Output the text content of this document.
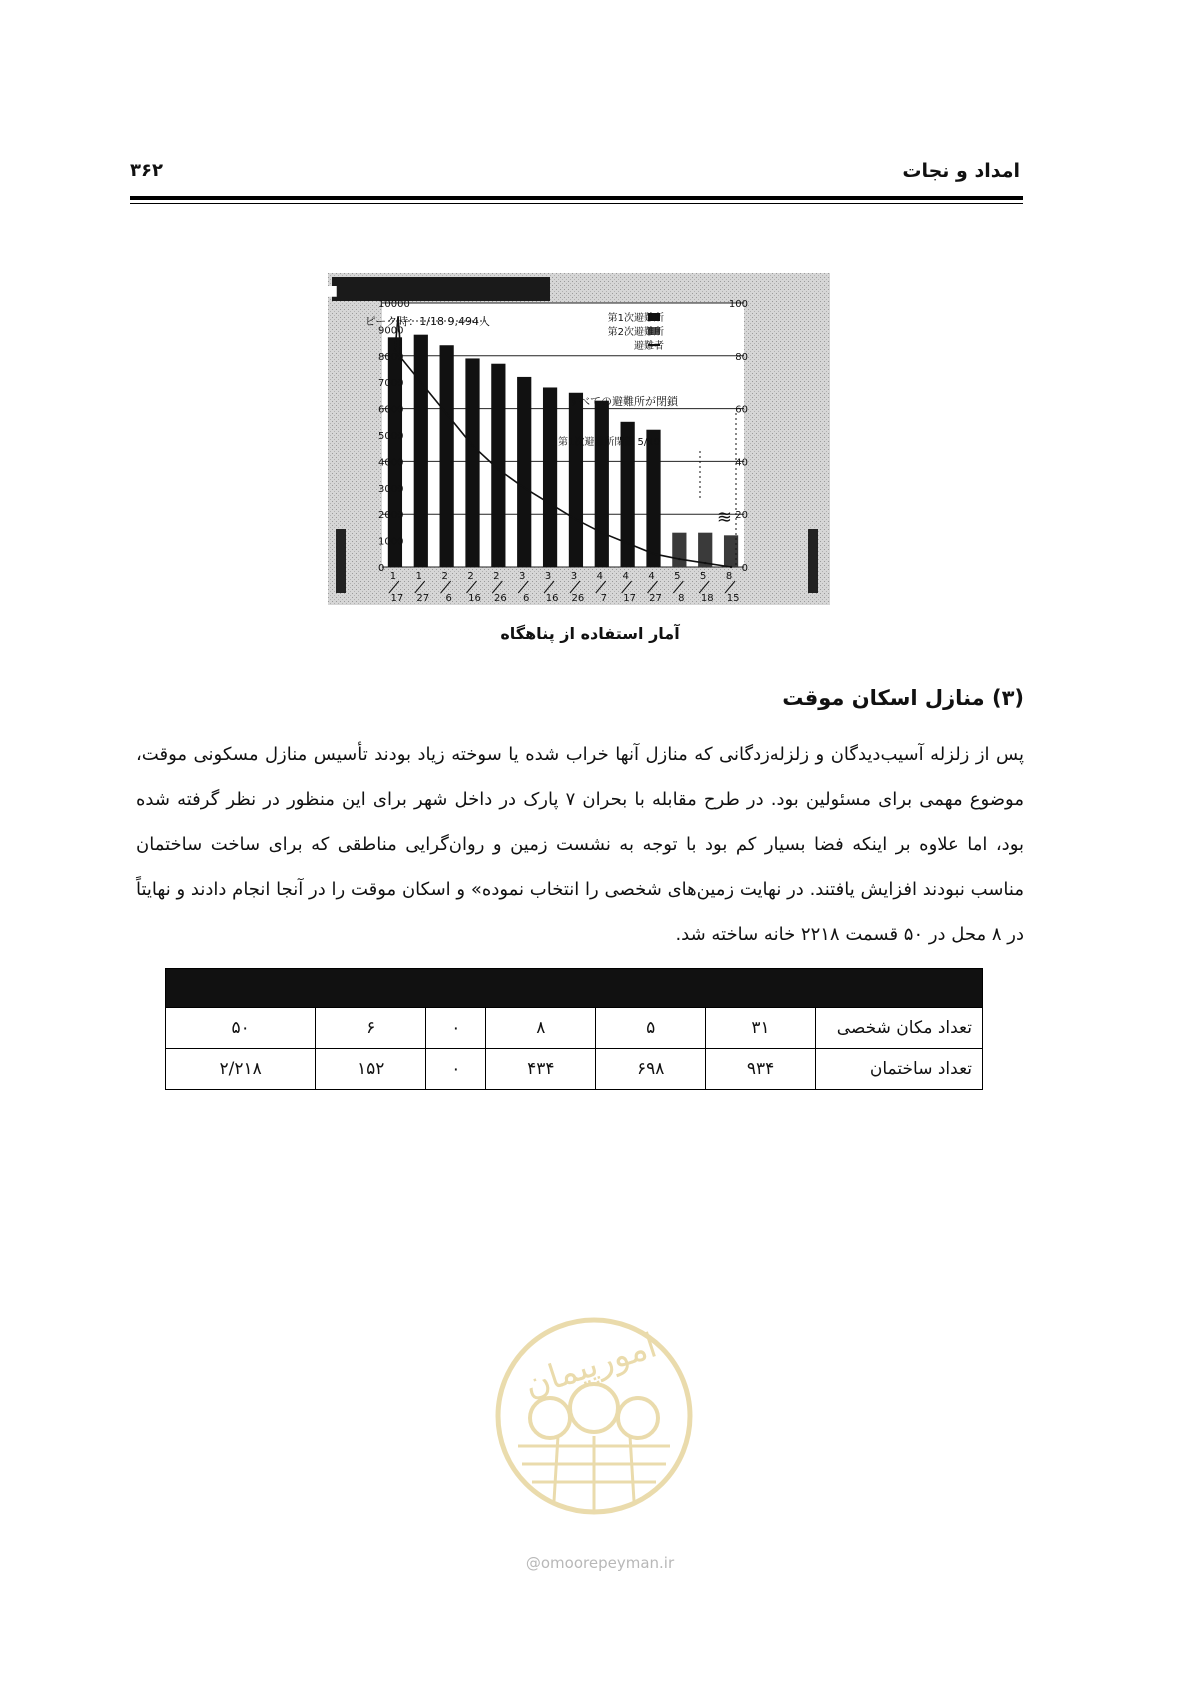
امداد و نجات
۳۶۲
■避難所・避難者数推移
0
1000
2000
3000
4000
5000
6000
7000
8000
9000
10000
0
20
40
60
80
100
1
17
1
27
2
6
2
16
2
26
3
6
3
16
3
26
4
7
4
17
4
27
5
8
5
18
8
15
ピーク時：1/18 9,494人	第1次避難所
第2次避難所
避難者
すべての避難所が閉鎖
5/10 第1次避難所閉鎖
≋
آمار استفاده از پناهگاه
(۳) منازل اسکان موقت

پس از زلزله آسیب‌دیدگان و زلزله‌زدگانی که منازل آنها خراب شده یا سوخته زیاد بودند تأسیس منازل مسکونی موقت، موضوع مهمی برای مسئولین بود. در طرح مقابله با بحران ۷ پارک در داخل شهر برای این منظور در نظر گرفته شده بود، اما علاوه بر اینکه فضا بسیار کم بود با توجه به نشست زمین و روان‌گرایی مناطقی که برای ساخت ساختمان مناسب نبودند افزایش یافتند. در نهایت زمین‌های شخصی را انتخاب نموده» و اسکان موقت را در آنجا انجام دادند و نهایتاً در ۸ محل در ۵۰ قسمت ۲۲۱۸ خانه ساخته شد.

تعداد مکان شخصی	۳۱	۵	۸	۰	۶	۵۰
تعداد ساختمان	۹۳۴	۶۹۸	۴۳۴	۰	۱۵۲	۲/۲۱۸
امورپیمان
@omoorepeyman.ir
